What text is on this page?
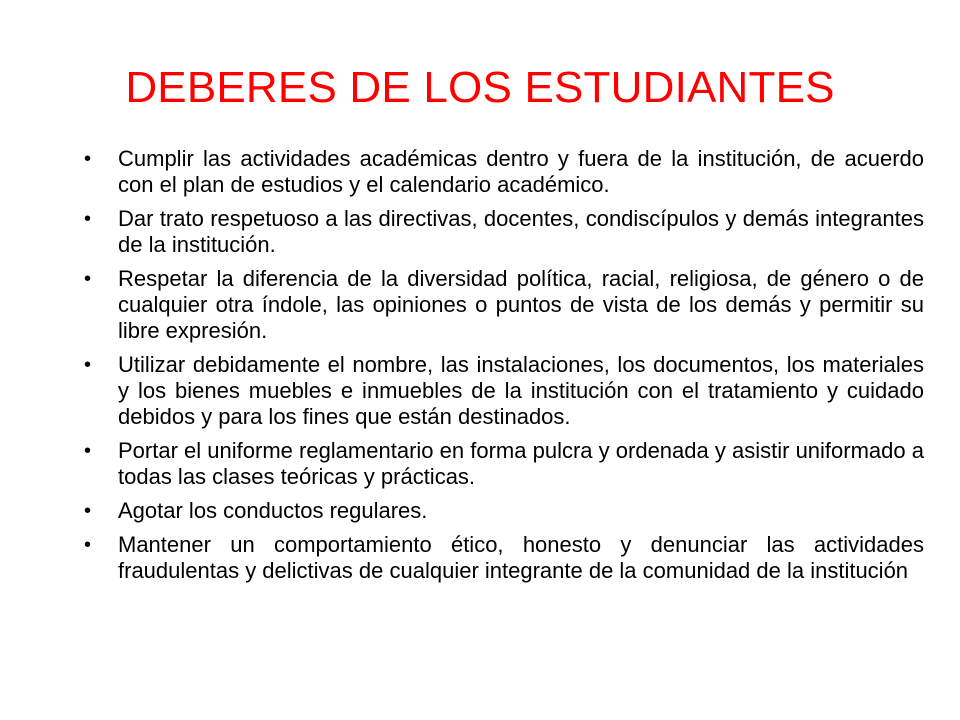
DEBERES DE LOS ESTUDIANTES
• Cumplir las actividades académicas dentro y fuera de la institución, de acuerdo con el plan de estudios y el calendario académico.
• Dar trato respetuoso a las directivas, docentes, condiscípulos y demás integrantes de la institución.
• Respetar la diferencia de la diversidad política, racial, religiosa, de género o de cualquier otra índole, las opiniones o puntos de vista de los demás y permitir su libre expresión.
• Utilizar debidamente el nombre, las instalaciones, los documentos, los materiales y los bienes muebles e inmuebles de la institución con el tratamiento y cuidado debidos y para los fines que están destinados.
• Portar el uniforme reglamentario en forma pulcra y ordenada y asistir uniformado a todas las clases teóricas y prácticas.
• Agotar los conductos regulares.
• Mantener un comportamiento ético, honesto y denunciar las actividades fraudulentas y delictivas de cualquier integrante de la comunidad de la institución
